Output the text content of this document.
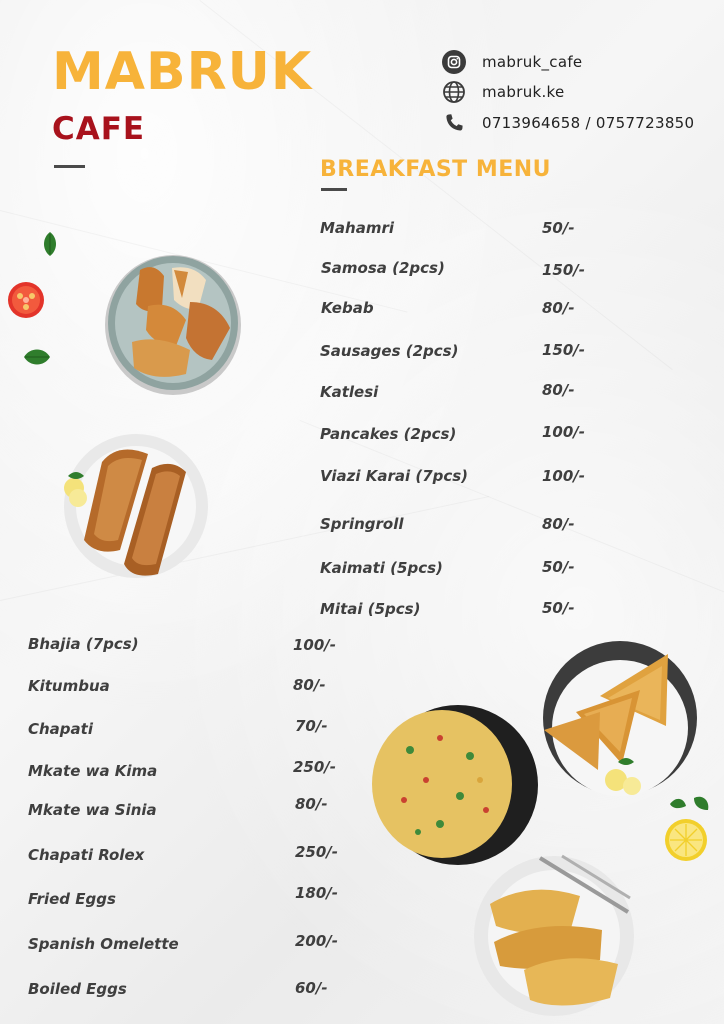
MABRUK
CAFE
mabruk_cafe
mabruk.ke
0713964658 / 0757723850
BREAKFAST MENU

Mahamri	50/-

Samosa (2pcs)	150/-

Kebab	80/-

Sausages (2pcs)	150/-

Katlesi	80/-

Pancakes (2pcs)	100/-

Viazi Karai (7pcs)	100/-

Springroll	80/-

Kaimati (5pcs)	50/-

Mitai (5pcs)	50/-

Bhajia (7pcs)	100/-

Kitumbua	80/-

Chapati	70/-

Mkate wa Kima	250/-

Mkate wa Sinia	80/-

Chapati Rolex	250/-

Fried Eggs	180/-

Spanish Omelette	200/-

Boiled Eggs	60/-
